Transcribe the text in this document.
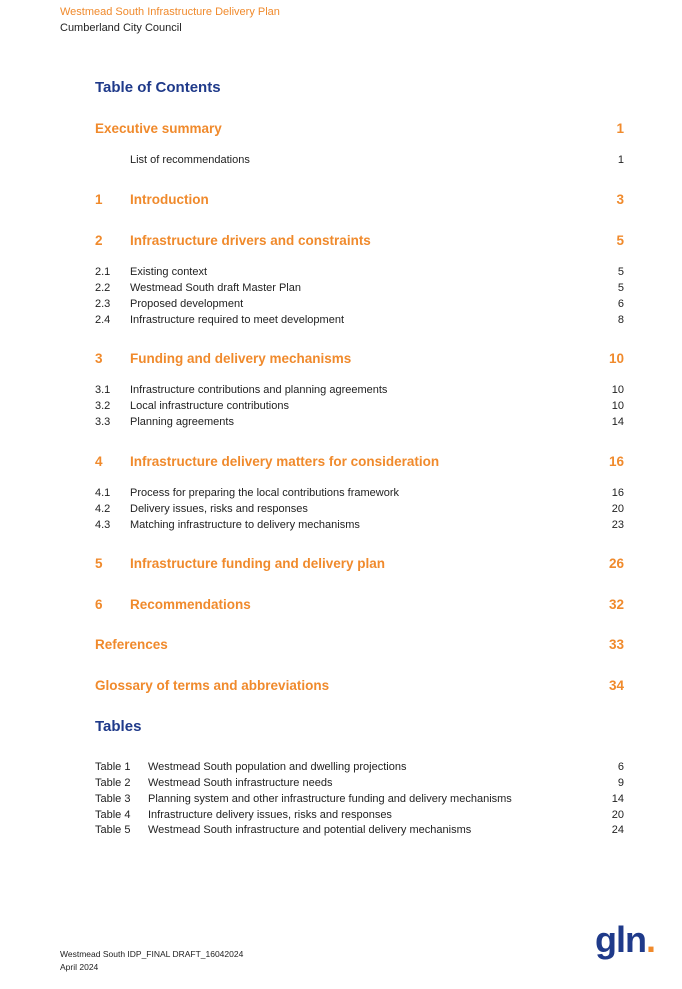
Westmead South Infrastructure Delivery Plan
Cumberland City Council
Table of Contents
Executive summary	1
List of recommendations	1
1	Introduction	3
2	Infrastructure drivers and constraints	5
2.1	Existing context	5
2.2	Westmead South draft Master Plan	5
2.3	Proposed development	6
2.4	Infrastructure required to meet development	8
3	Funding and delivery mechanisms	10
3.1	Infrastructure contributions and planning agreements	10
3.2	Local infrastructure contributions	10
3.3	Planning agreements	14
4	Infrastructure delivery matters for consideration	16
4.1	Process for preparing the local contributions framework	16
4.2	Delivery issues, risks and responses	20
4.3	Matching infrastructure to delivery mechanisms	23
5	Infrastructure funding and delivery plan	26
6	Recommendations	32
References	33
Glossary of terms and abbreviations	34
Tables
Table 1	Westmead South population and dwelling projections	6
Table 2	Westmead South infrastructure needs	9
Table 3	Planning system and other infrastructure funding and delivery mechanisms	14
Table 4	Infrastructure delivery issues, risks and responses	20
Table 5	Westmead South infrastructure and potential delivery mechanisms	24
Westmead South IDP_FINAL DRAFT_16042024
April 2024
gln.
